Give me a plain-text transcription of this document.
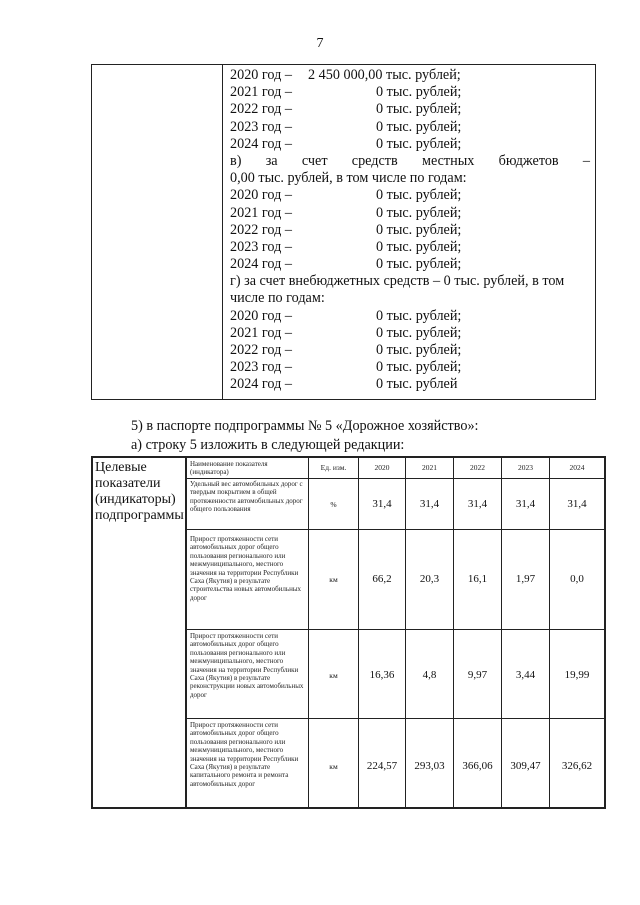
7
2020 год – 2 450 000,00 тыс. рублей;
2021 год –	0 тыс. рублей;
2022 год –	0 тыс. рублей;
2023 год –	0 тыс. рублей;
2024 год –	0 тыс. рублей;
в) за счет средств местных бюджетов –
0,00 тыс. рублей, в том числе по годам:
2020 год –	0 тыс. рублей;
2021 год –	0 тыс. рублей;
2022 год –	0 тыс. рублей;
2023 год –	0 тыс. рублей;
2024 год –	0 тыс. рублей;
г) за счет внебюджетных средств – 0 тыс. рублей, в том
числе по годам:
2020 год –	0 тыс. рублей;
2021 год –	0 тыс. рублей;
2022 год –	0 тыс. рублей;
2023 год –	0 тыс. рублей;
2024 год –	0 тыс. рублей
5) в паспорте подпрограммы № 5 «Дорожное хозяйство»:
а) строку 5 изложить в следующей редакции:
Целевые
показатели
(индикаторы)
подпрограммы
Наименование показателя (индикатора)
Ед. изм.	2020	2021	2022	2023	2024
Удельный вес автомобильных дорог с твердым покрытием в общей протяженности автомобильных дорог общего пользования
%	31,4	31,4	31,4	31,4	31,4
Прирост протяженности сети автомобильных дорог общего пользования регионального или межмуниципального, местного значения на территории Республики Саха (Якутия) в результате строительства новых автомобильных дорог
км	66,2	20,3	16,1	1,97	0,0
Прирост протяженности сети автомобильных дорог общего пользования регионального или межмуниципального, местного значения на территории Республики Саха (Якутия) в результате реконструкции новых автомобильных дорог
км	16,36	4,8	9,97	3,44	19,99
Прирост протяженности сети автомобильных дорог общего пользования регионального или межмуниципального, местного значения на территории Республики Саха (Якутия) в результате капитального ремонта и ремонта автомобильных дорог
км	224,57	293,03	366,06	309,47	326,62
